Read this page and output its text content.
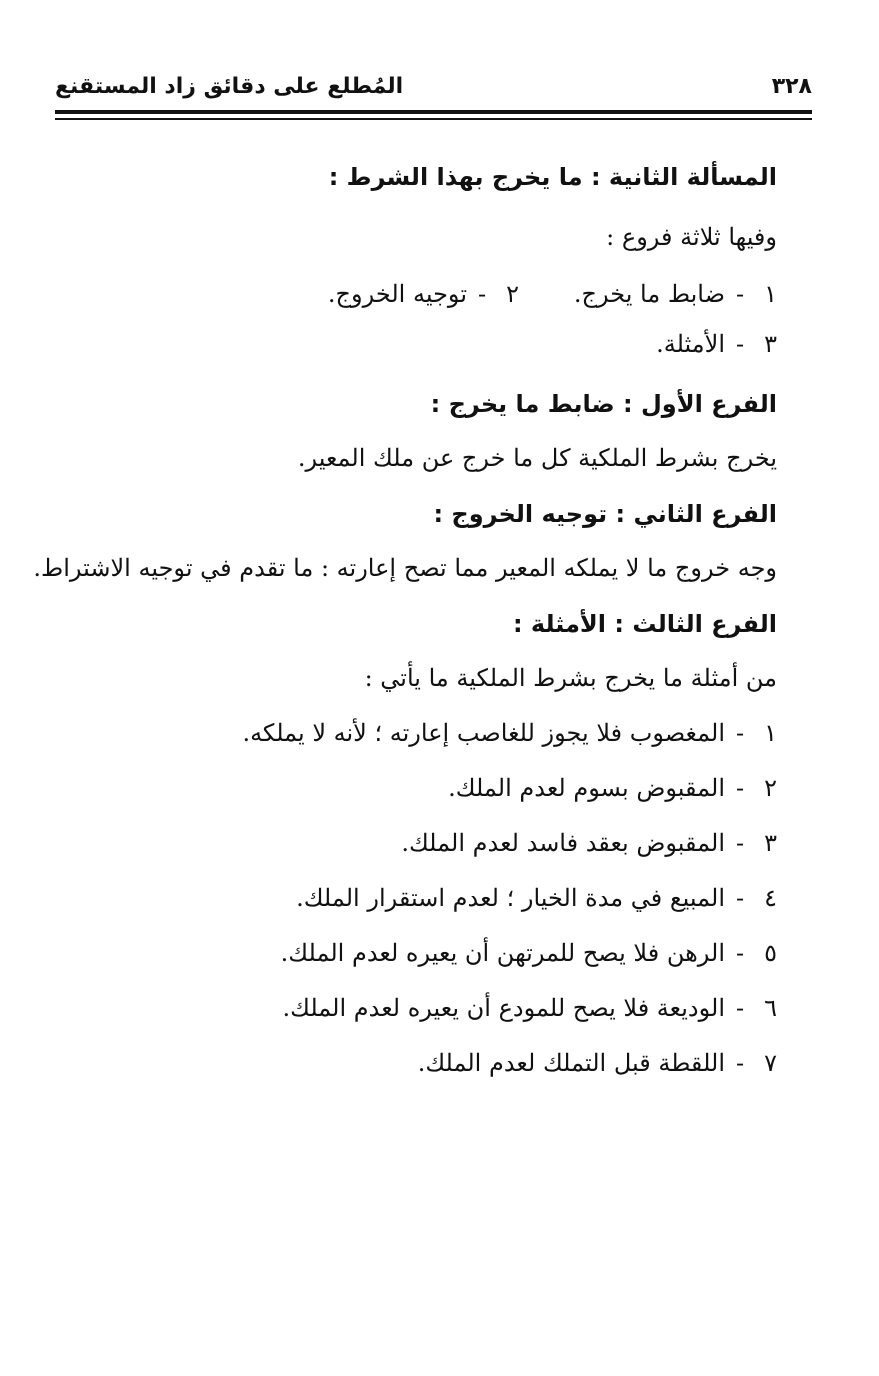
المُطلع على دقائق زاد المستقنع	٣٢٨
المسألة الثانية : ما يخرج بهذا الشرط :
وفيها ثلاثة فروع :
١
-
ضابط ما يخرج.
٢
-
توجيه الخروج.
٣
-
الأمثلة.
الفرع الأول : ضابط ما يخرج :
يخرج بشرط الملكية كل ما خرج عن ملك المعير.
الفرع الثاني : توجيه الخروج :
وجه خروج ما لا يملكه المعير مما تصح إعارته : ما تقدم في توجيه الاشتراط.
الفرع الثالث : الأمثلة :
من أمثلة ما يخرج بشرط الملكية ما يأتي :
١
-
المغصوب فلا يجوز للغاصب إعارته ؛ لأنه لا يملكه.
٢
-
المقبوض بسوم لعدم الملك.
٣
-
المقبوض بعقد فاسد لعدم الملك.
٤
-
المبيع في مدة الخيار ؛ لعدم استقرار الملك.
٥
-
الرهن فلا يصح للمرتهن أن يعيره لعدم الملك.
٦
-
الوديعة فلا يصح للمودع أن يعيره لعدم الملك.
٧
-
اللقطة قبل التملك لعدم الملك.
